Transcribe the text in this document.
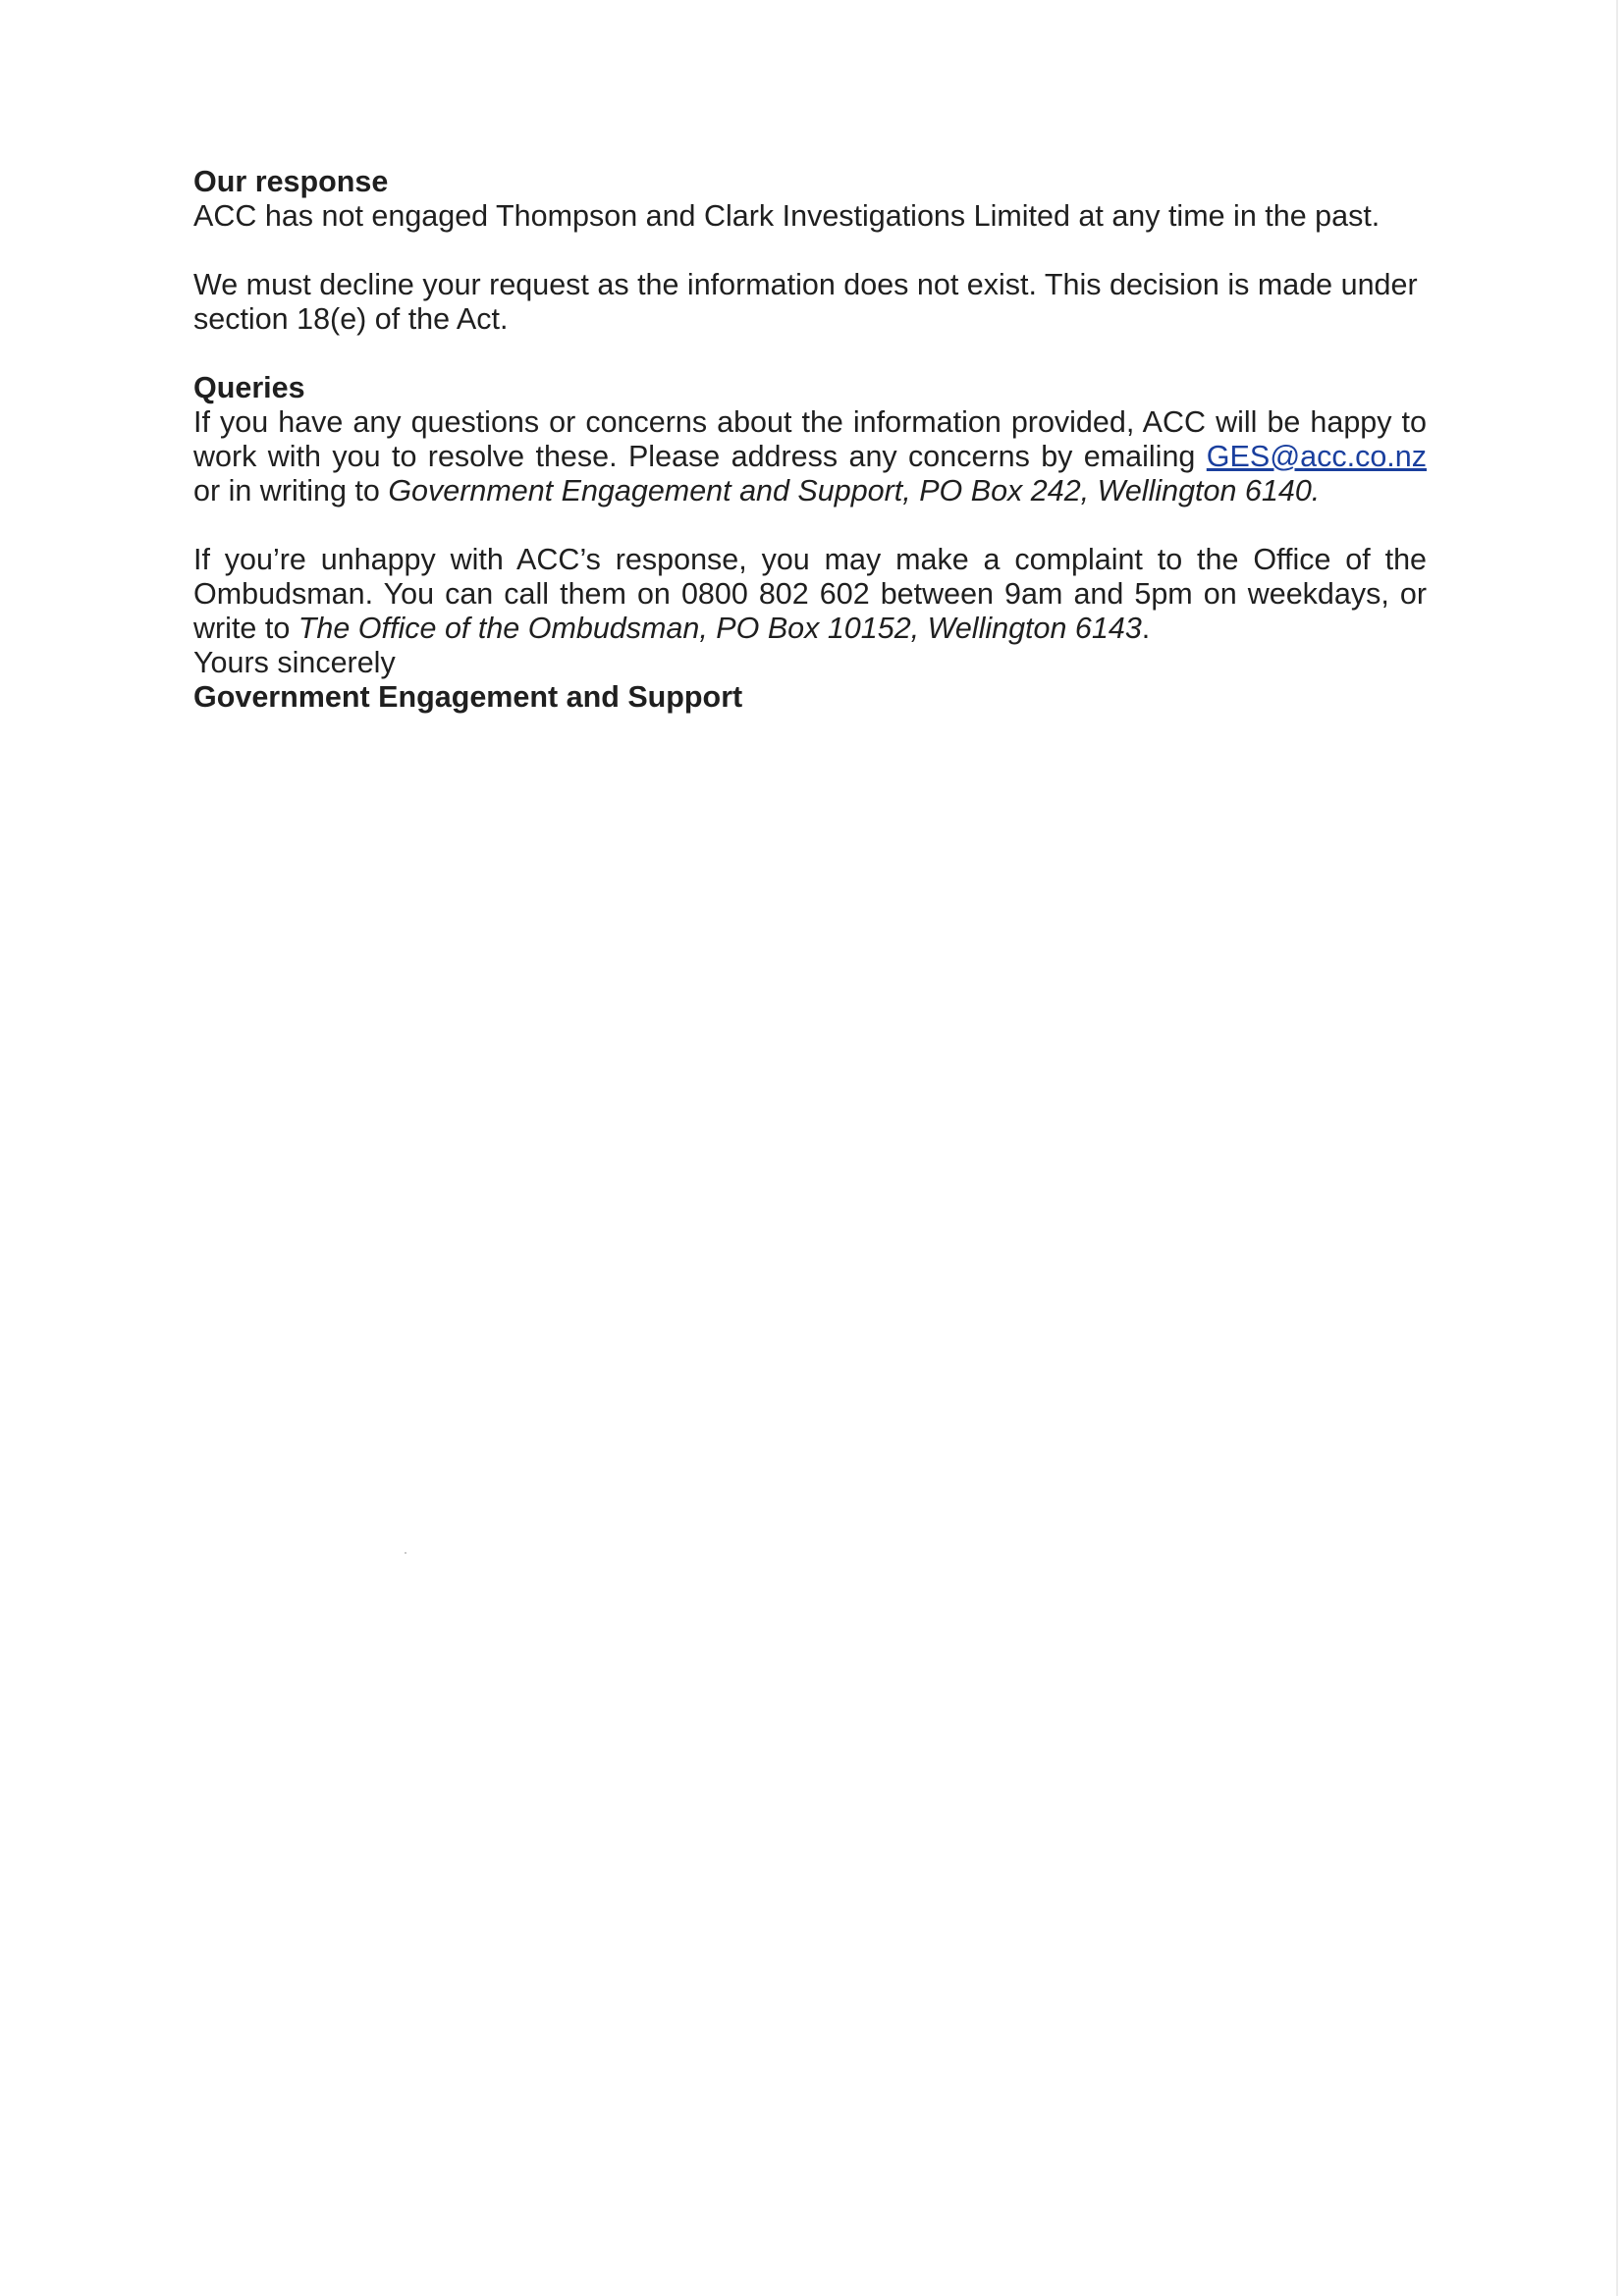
Our response

ACC has not engaged Thompson and Clark Investigations Limited at any time in the past.

We must decline your request as the information does not exist. This decision is made under section 18(e) of the Act.

Queries

If you have any questions or concerns about the information provided, ACC will be happy to work with you to resolve these. Please address any concerns by emailing GES@acc.co.nz or in writing to Government Engagement and Support, PO Box 242, Wellington 6140.

If you’re unhappy with ACC’s response, you may make a complaint to the Office of the Ombudsman. You can call them on 0800 802 602 between 9am and 5pm on weekdays, or write to The Office of the Ombudsman, PO Box 10152, Wellington 6143.

Yours sincerely

Government Engagement and Support
